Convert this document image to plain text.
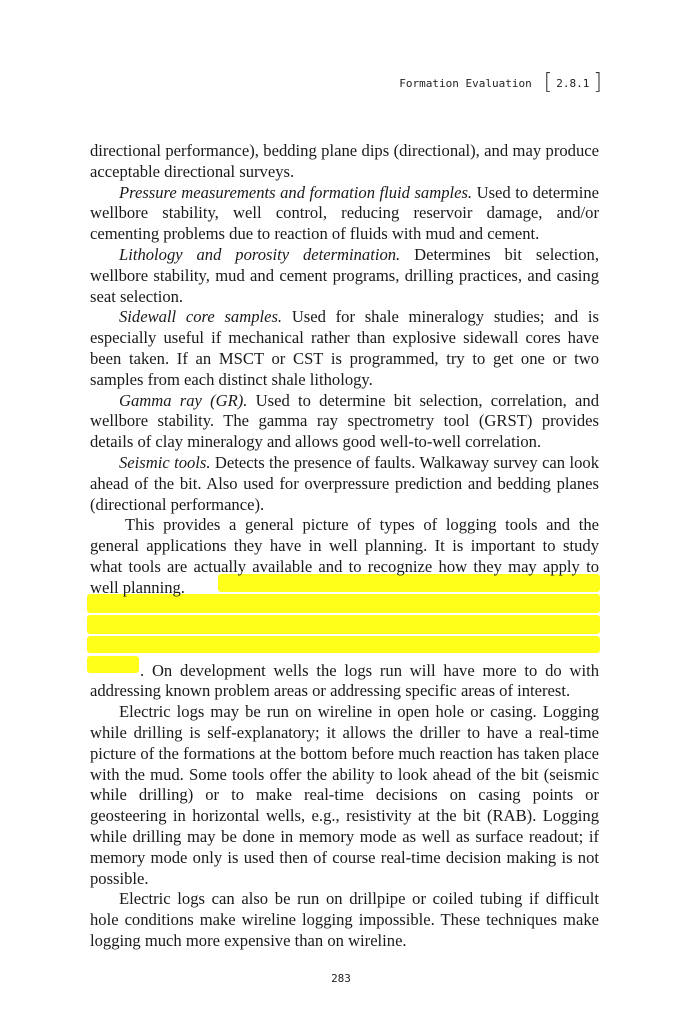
Formation Evaluation [ 2.8.1 ]

directional performance), bedding plane dips (directional), and may produce acceptable directional surveys.

Pressure measurements and formation fluid samples. Used to determine wellbore stability, well control, reducing reservoir damage, and/or cementing problems due to reaction of fluids with mud and cement.

Lithology and porosity determination. Determines bit selection, wellbore stability, mud and cement programs, drilling practices, and casing seat selection.

Sidewall core samples. Used for shale mineralogy studies; and is especially useful if mechanical rather than explosive sidewall cores have been taken. If an MSCT or CST is programmed, try to get one or two samples from each distinct shale lithology.

Gamma ray (GR). Used to determine bit selection, correlation, and wellbore stability. The gamma ray spectrometry tool (GRST) provides details of clay mineralogy and allows good well-to-well correlation.

Seismic tools. Detects the presence of faults. Walkaway survey can look ahead of the bit. Also used for overpressure prediction and bedding planes (directional performance).

This provides a general picture of types of logging tools and the general applications they have in well planning. It is important to study what tools are actually available and to recognize how they may apply to well planning.

. On development wells the logs run will have more to do with addressing known problem areas or addressing specific areas of interest.

Electric logs may be run on wireline in open hole or casing. Logging while drilling is self-explanatory; it allows the driller to have a real-time picture of the formations at the bottom before much reaction has taken place with the mud. Some tools offer the ability to look ahead of the bit (seismic while drilling) or to make real-time decisions on casing points or geosteering in horizontal wells, e.g., resistivity at the bit (RAB). Logging while drilling may be done in memory mode as well as surface readout; if memory mode only is used then of course real-time decision making is not possible.

Electric logs can also be run on drillpipe or coiled tubing if difficult hole conditions make wireline logging impossible. These techniques make logging much more expensive than on wireline.

283
